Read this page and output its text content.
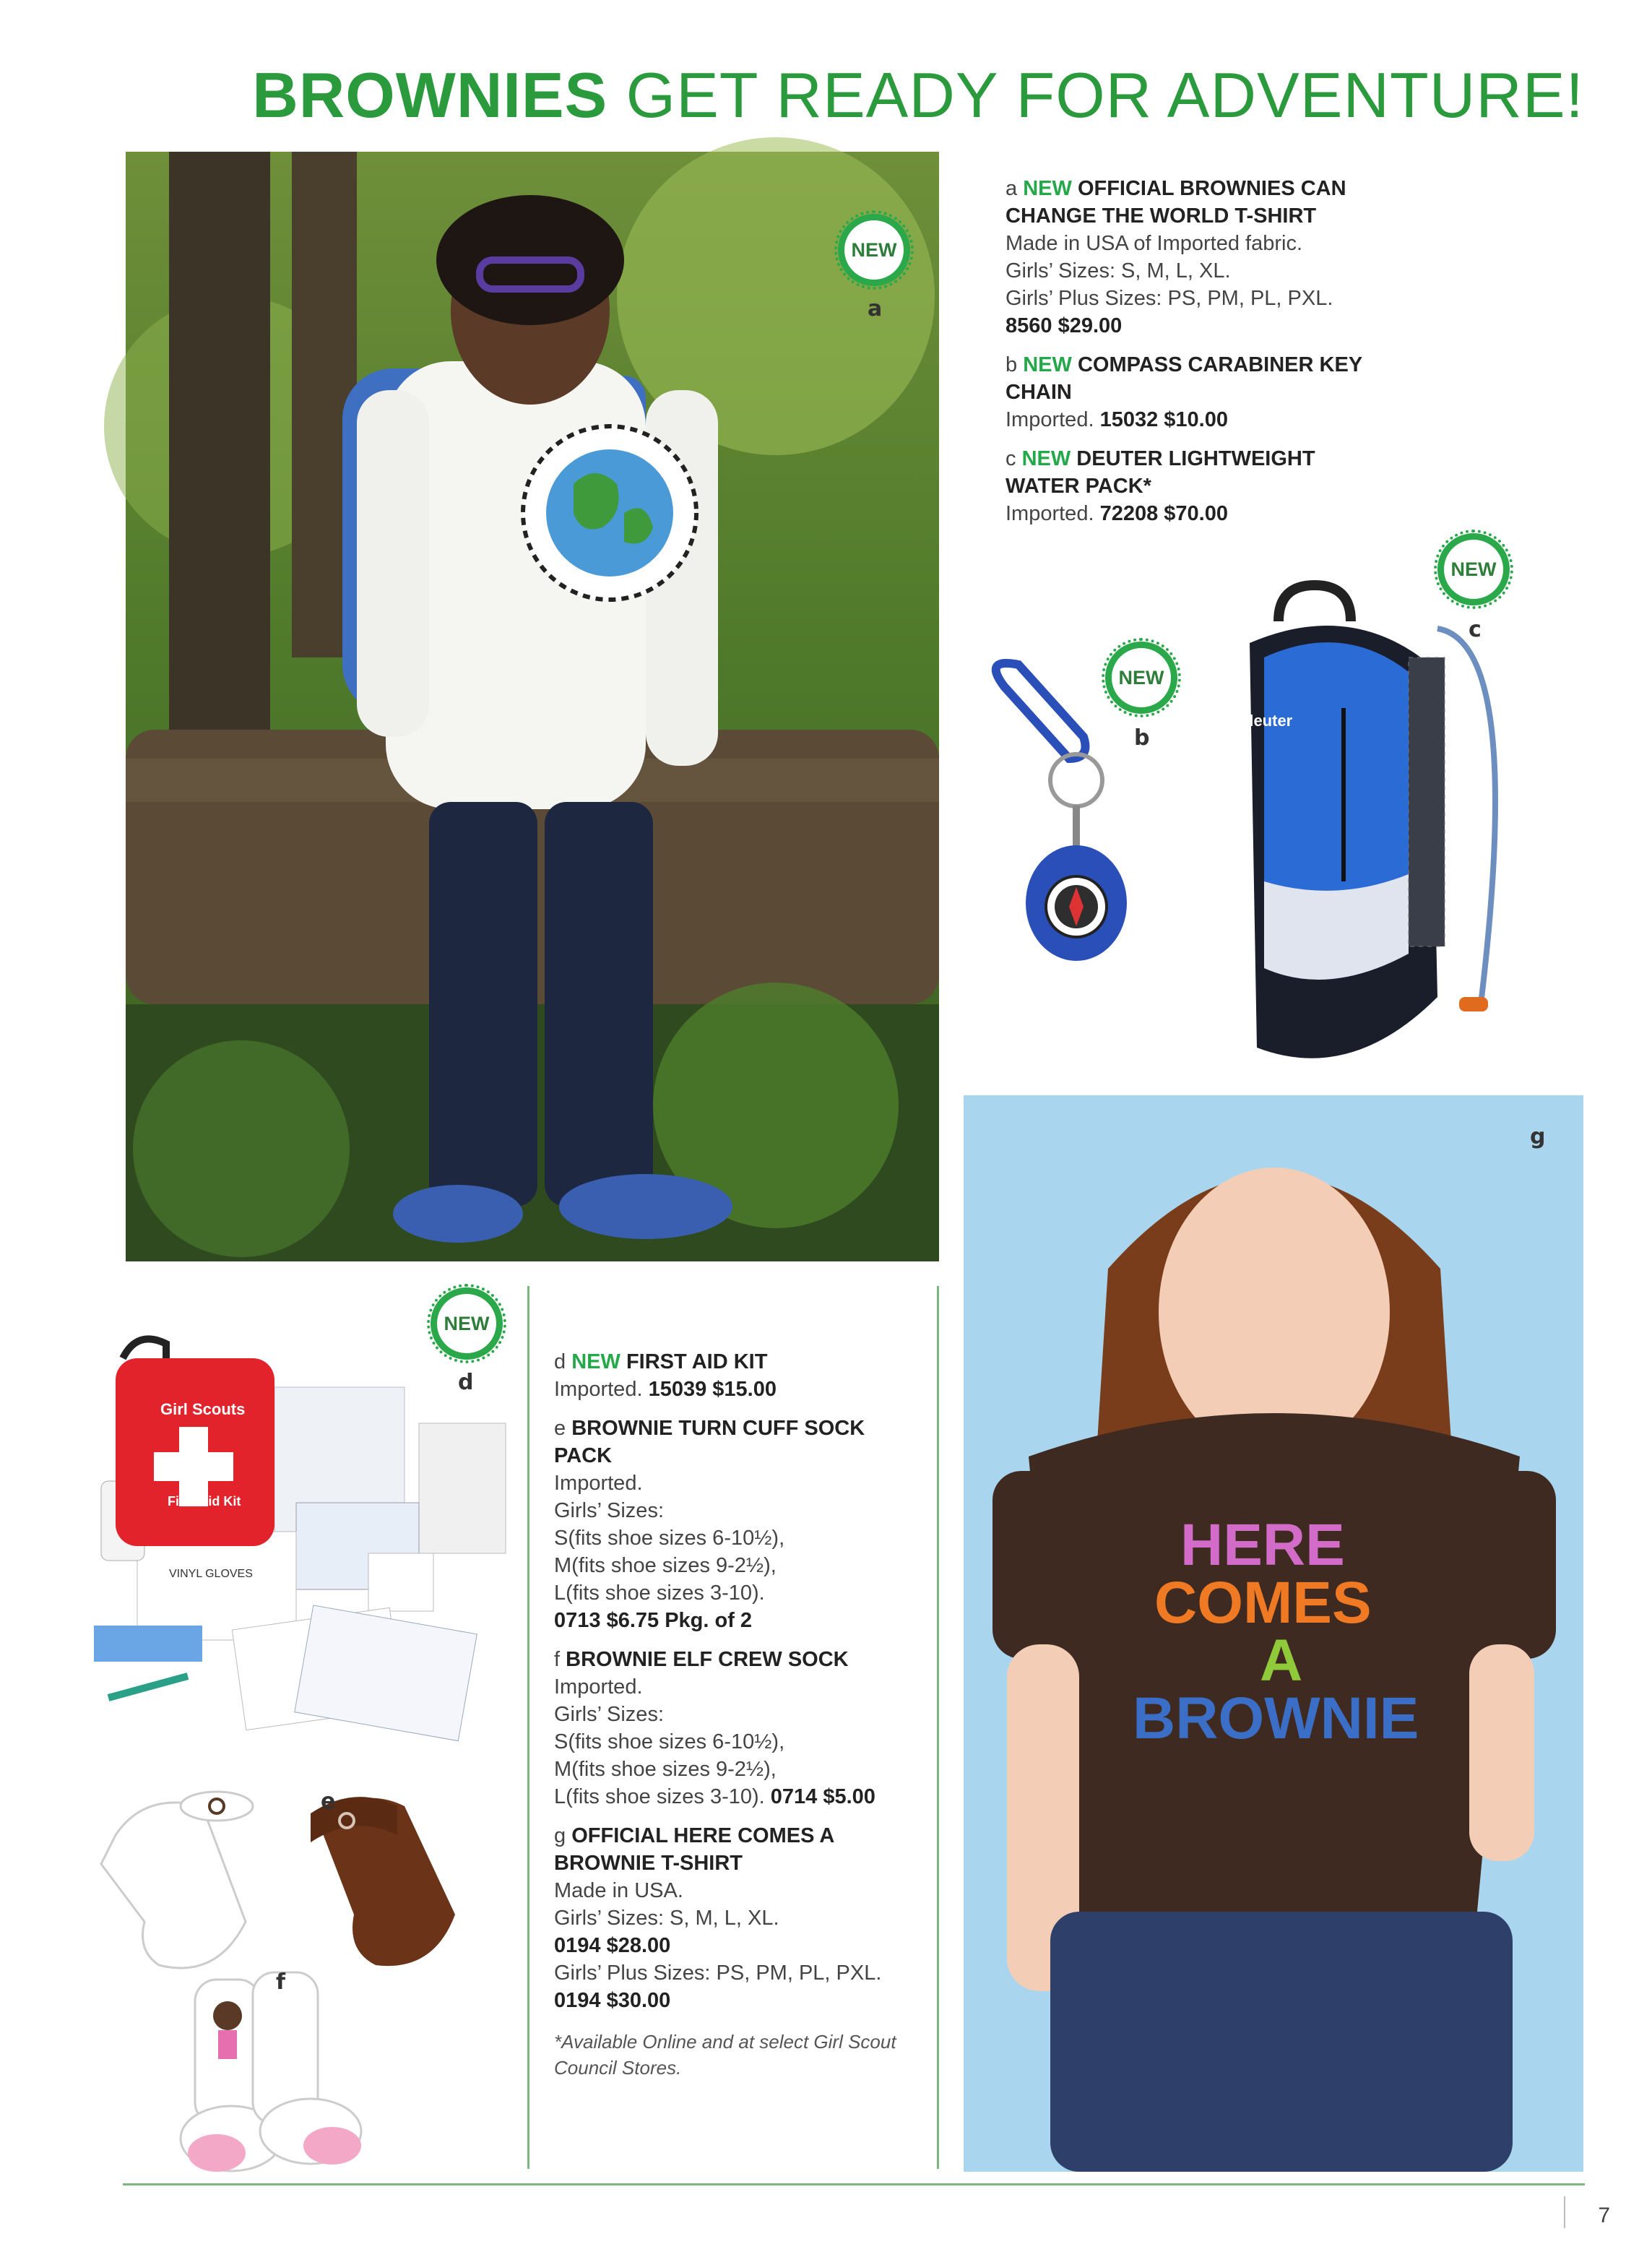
BROWNIES GET READY FOR ADVENTURE!
NEW
a
a NEW OFFICIAL BROWNIES CAN CHANGE THE WORLD T-SHIRT
Made in USA of Imported fabric.
Girls’ Sizes: S, M, L, XL.
Girls’ Plus Sizes: PS, PM, PL, PXL.
8560 $29.00
b NEW COMPASS CARABINER KEY CHAIN
Imported. 15032 $10.00
c NEW DEUTER LIGHTWEIGHT WATER PACK*
Imported. 72208 $70.00
NEW
b
deuter
NEW
c
HERE
COMES
A
BROWNIE
g
Girl Scouts
First Aid Kit
VINYL GLOVES
NEW
d
e
f
d NEW FIRST AID KIT
Imported. 15039 $15.00
e BROWNIE TURN CUFF SOCK PACK
Imported.
Girls’ Sizes:
S(fits shoe sizes 6-10½),
M(fits shoe sizes 9-2½),
L(fits shoe sizes 3-10).
0713 $6.75 Pkg. of 2
f BROWNIE ELF CREW SOCK
Imported.
Girls’ Sizes:
S(fits shoe sizes 6-10½),
M(fits shoe sizes 9-2½),
L(fits shoe sizes 3-10). 0714 $5.00
g OFFICIAL HERE COMES A BROWNIE T-SHIRT
Made in USA.
Girls’ Sizes: S, M, L, XL.
0194 $28.00
Girls’ Plus Sizes: PS, PM, PL, PXL.
0194 $30.00
*Available Online and at select Girl Scout Council Stores.
7
